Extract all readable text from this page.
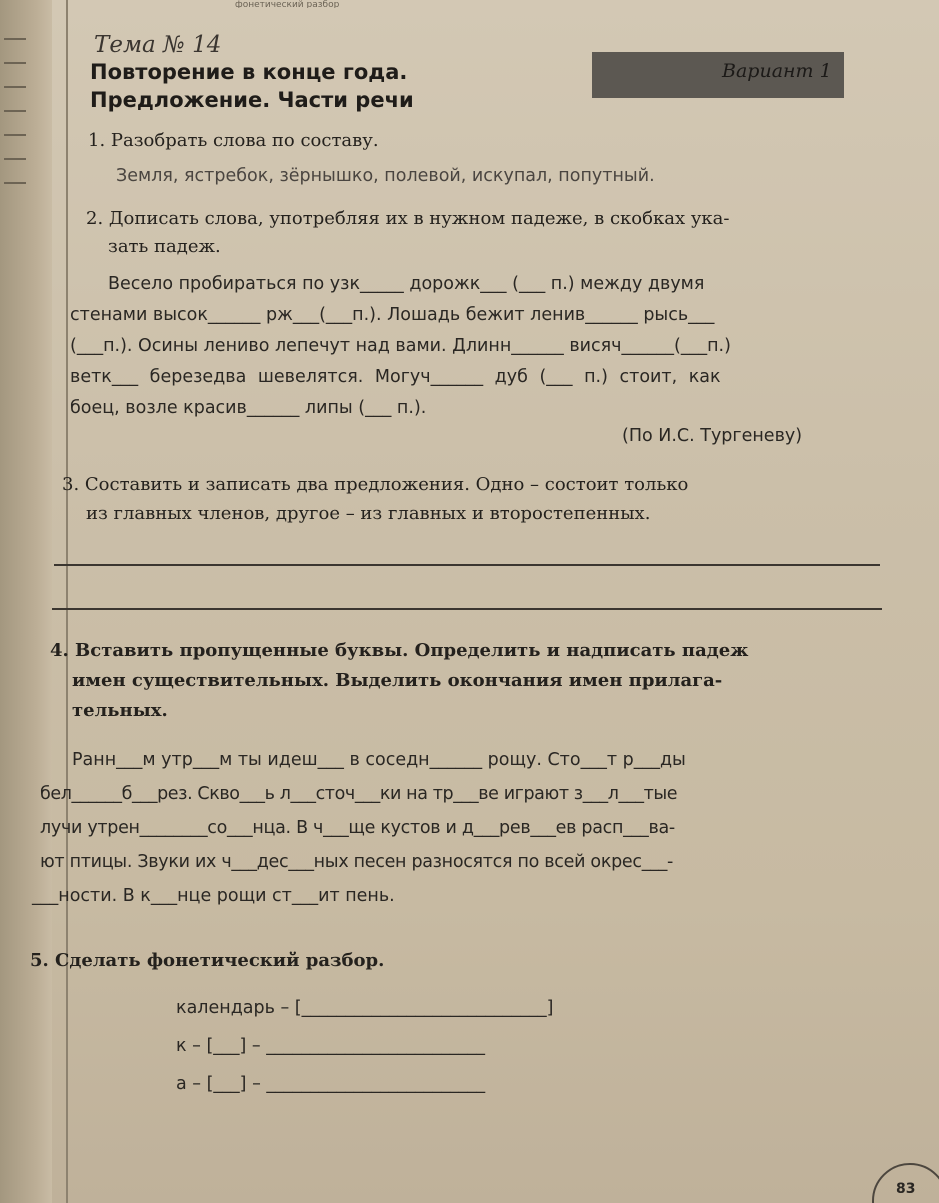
фонетический разбор
Тема № 14
Повторение в конце года.
Предложение. Части речи
Вариант 1
1. Разобрать слова по составу.
Земля, ястребок, зёрнышко, полевой, искупал, попутный.
2. Дописать слова, употребляя их в нужном падеже, в скобках ука-
зать падеж.
Весело пробираться по узк_____ дорожк___ (___ п.) между двумя
стенами высок______ рж___(___п.). Лошадь бежит ленив______ рысь___
(___п.). Осины лениво лепечут над вами. Длинн______ висяч______(___п.)
ветк___ березедва шевелятся. Могуч______ дуб (___ п.) стоит, как
боец, возле красив______ липы (___ п.).
(По И.С. Тургеневу)
3. Составить и записать два предложения. Одно – состоит только
из главных членов, другое – из главных и второстепенных.
4. Вставить пропущенные буквы. Определить и надписать падеж
имен существительных. Выделить окончания имен прилага-
тельных.
Ранн___м утр___м ты идеш___ в соседн______ рощу. Сто___т р___ды
бел______б___рез. Скво___ь л___сточ___ки на тр___ве играют з___л___тые
лучи утрен________со___нца. В ч___ще кустов и д___рев___ев расп___ва-
ют птицы. Звуки их ч___дес___ных песен разносятся по всей окрес___-
___ности. В к___нце рощи ст___ит пень.
5. Сделать фонетический разбор.
календарь – [____________________________]
к – [___] – _________________________
а – [___] – _________________________
83
